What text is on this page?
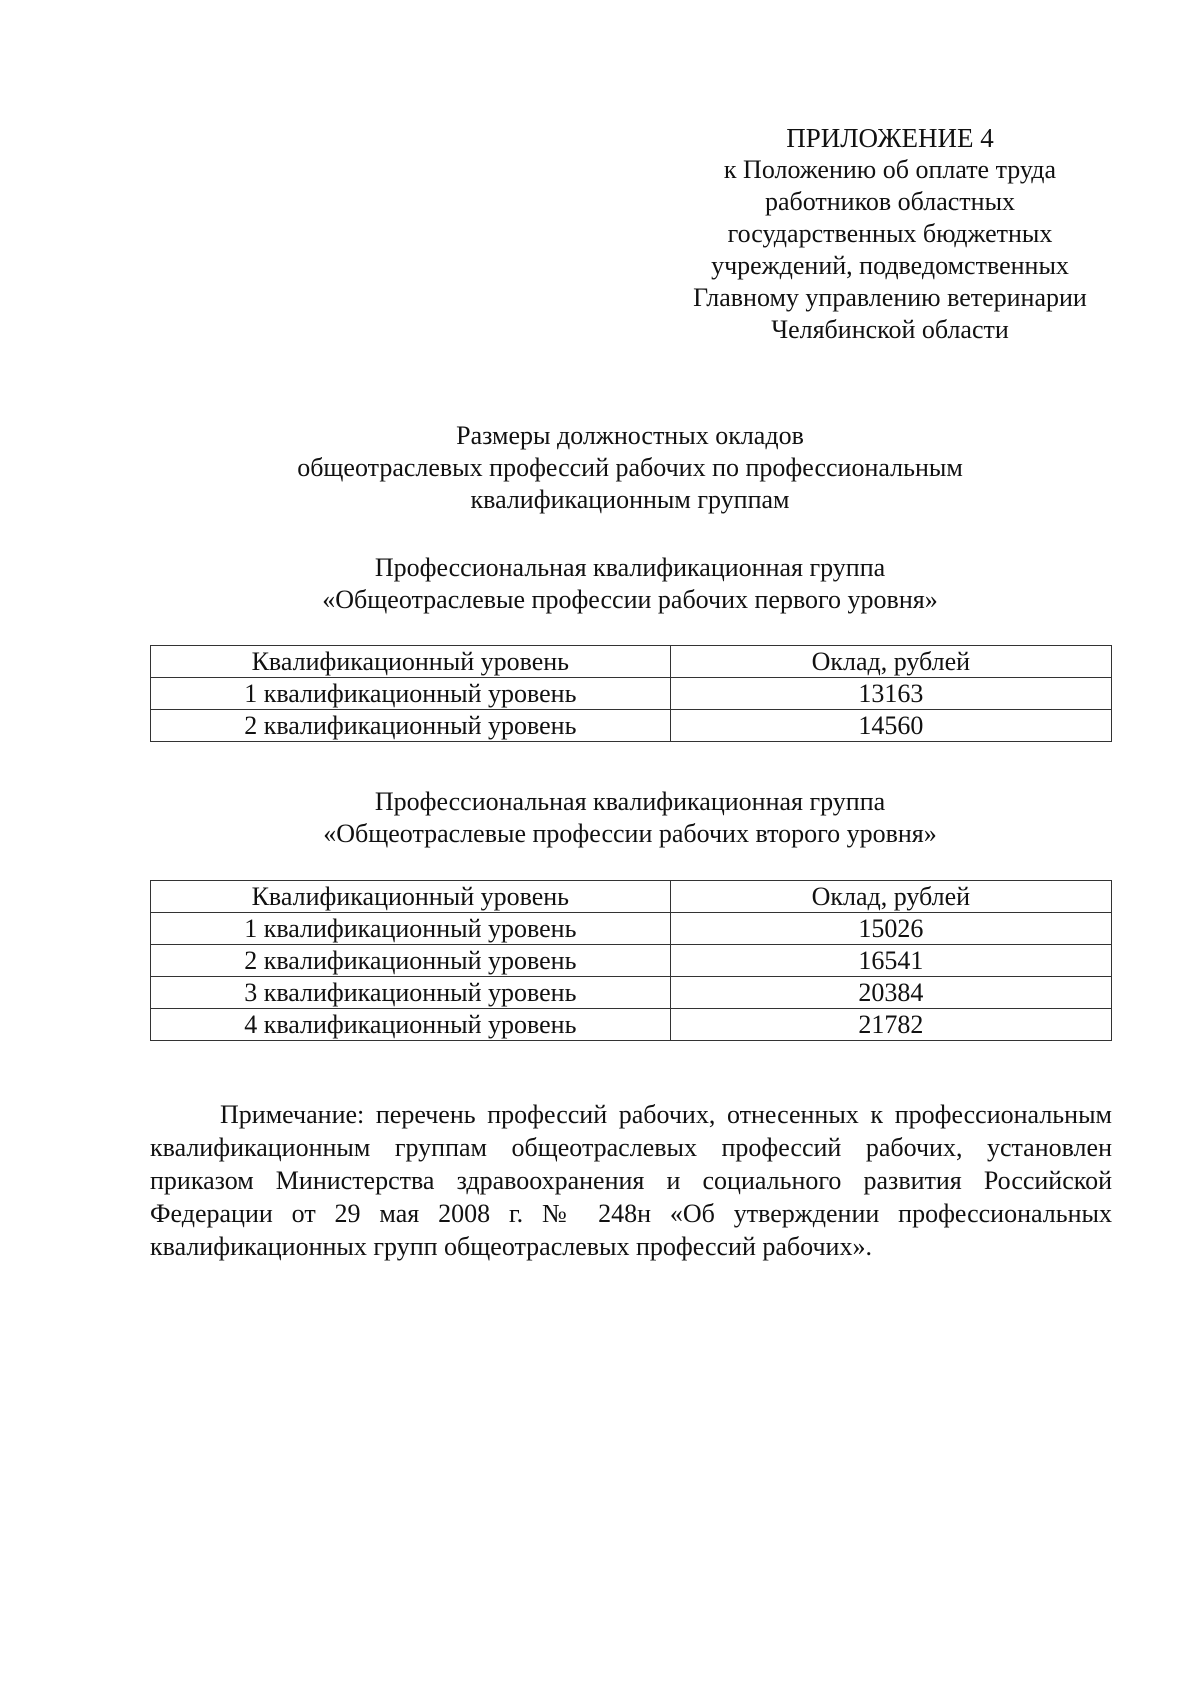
ПРИЛОЖЕНИЕ 4
к Положению об оплате труда
работников областных
государственных бюджетных
учреждений, подведомственных
Главному управлению ветеринарии
Челябинской области
Размеры должностных окладов
общеотраслевых профессий рабочих по профессиональным
квалификационным группам
Профессиональная квалификационная группа
«Общеотраслевые профессии рабочих первого уровня»
Квалификационный уровень	Оклад, рублей
1 квалификационный уровень	13163
2 квалификационный уровень	14560
Профессиональная квалификационная группа
«Общеотраслевые профессии рабочих второго уровня»
Квалификационный уровень	Оклад, рублей
1 квалификационный уровень	15026
2 квалификационный уровень	16541
3 квалификационный уровень	20384
4 квалификационный уровень	21782

Примечание: перечень профессий рабочих, отнесенных к профессиональным квалификационным группам общеотраслевых профессий рабочих, установлен приказом Министерства здравоохранения и социального развития Российской Федерации от 29 мая 2008 г. № 248н «Об утверждении профессиональных квалификационных групп общеотраслевых профессий рабочих».
